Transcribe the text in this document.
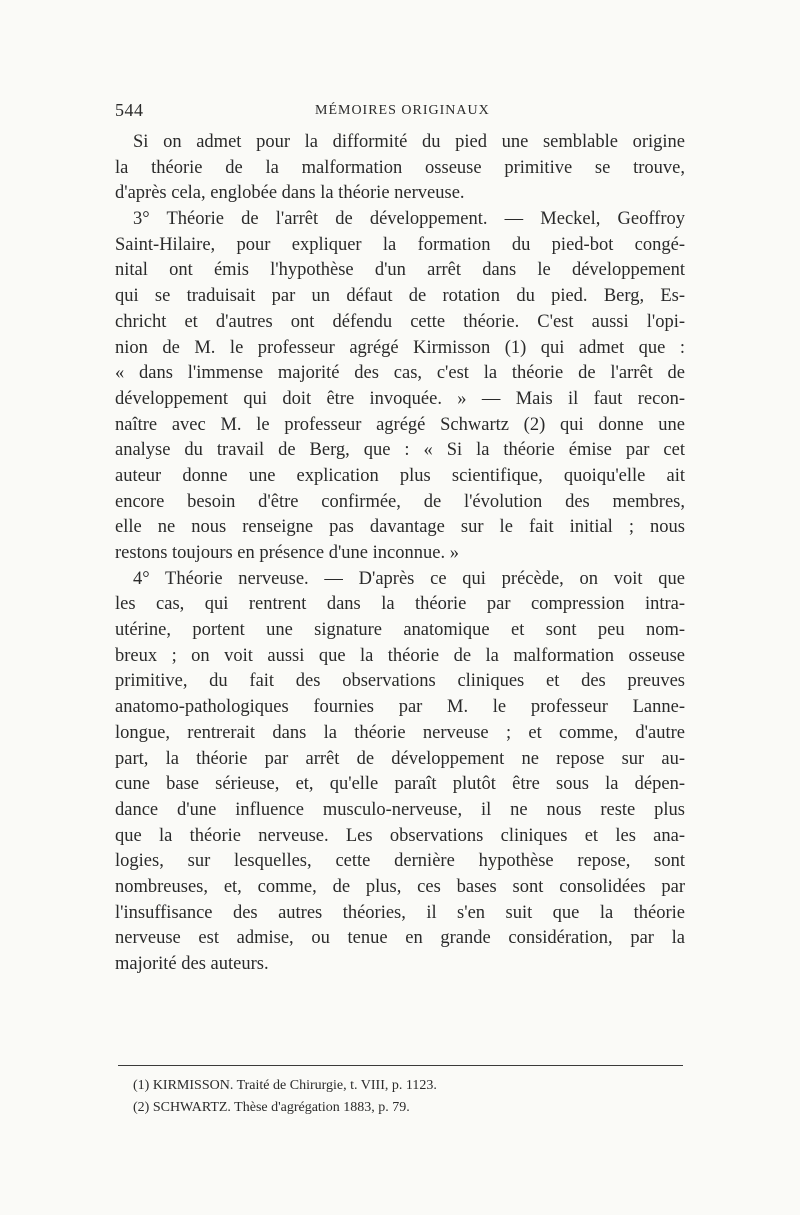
544	MÉMOIRES ORIGINAUX
Si on admet pour la difformité du pied une semblable origine
la théorie de la malformation osseuse primitive se trouve,
d'après cela, englobée dans la théorie nerveuse.
3° Théorie de l'arrêt de développement. — Meckel, Geoffroy
Saint-Hilaire, pour expliquer la formation du pied-bot congé-
nital ont émis l'hypothèse d'un arrêt dans le développement
qui se traduisait par un défaut de rotation du pied. Berg, Es-
chricht et d'autres ont défendu cette théorie. C'est aussi l'opi-
nion de M. le professeur agrégé Kirmisson (1) qui admet que :
« dans l'immense majorité des cas, c'est la théorie de l'arrêt de
développement qui doit être invoquée. » — Mais il faut recon-
naître avec M. le professeur agrégé Schwartz (2) qui donne une
analyse du travail de Berg, que : « Si la théorie émise par cet
auteur donne une explication plus scientifique, quoiqu'elle ait
encore besoin d'être confirmée, de l'évolution des membres,
elle ne nous renseigne pas davantage sur le fait initial ; nous
restons toujours en présence d'une inconnue. »
4° Théorie nerveuse. — D'après ce qui précède, on voit que
les cas, qui rentrent dans la théorie par compression intra-
utérine, portent une signature anatomique et sont peu nom-
breux ; on voit aussi que la théorie de la malformation osseuse
primitive, du fait des observations cliniques et des preuves
anatomo-pathologiques fournies par M. le professeur Lanne-
longue, rentrerait dans la théorie nerveuse ; et comme, d'autre
part, la théorie par arrêt de développement ne repose sur au-
cune base sérieuse, et, qu'elle paraît plutôt être sous la dépen-
dance d'une influence musculo-nerveuse, il ne nous reste plus
que la théorie nerveuse. Les observations cliniques et les ana-
logies, sur lesquelles, cette dernière hypothèse repose, sont
nombreuses, et, comme, de plus, ces bases sont consolidées par
l'insuffisance des autres théories, il s'en suit que la théorie
nerveuse est admise, ou tenue en grande considération, par la
majorité des auteurs.
(1) KIRMISSON. Traité de Chirurgie, t. VIII, p. 1123.
(2) SCHWARTZ. Thèse d'agrégation 1883, p. 79.
